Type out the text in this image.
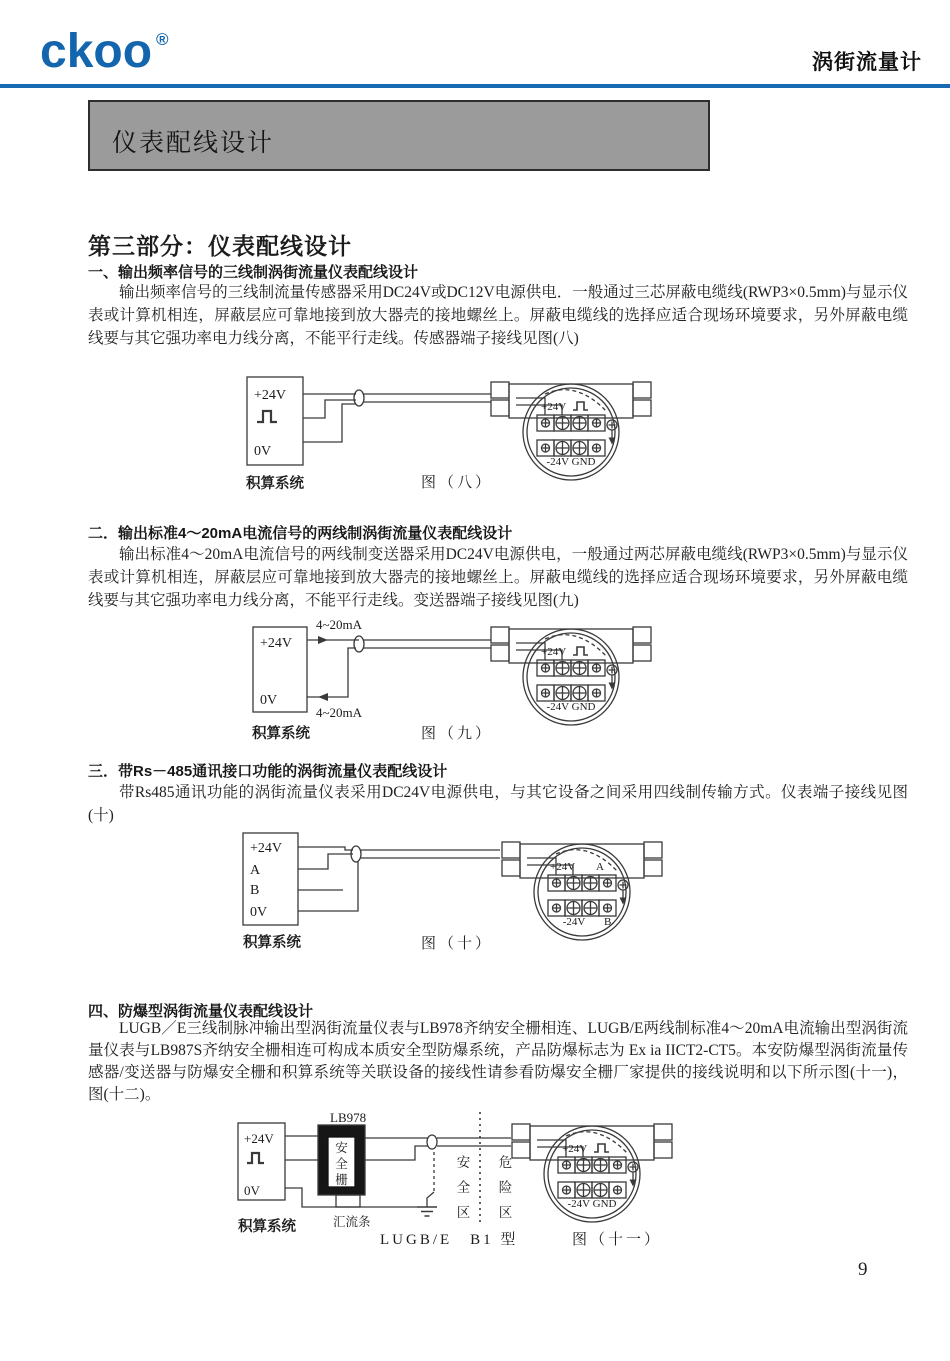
ckoo ®
涡街流量计
仪表配线设计
第三部分：仪表配线设计
一、输出频率信号的三线制涡街流量仪表配线设计
输出频率信号的三线制流量传感器采用DC24V或DC12V电源供电．一般通过三芯屏蔽电缆线(RWP3×0.5mm)与显示仪表或计算机相连，屏蔽层应可靠地接到放大器壳的接地螺丝上。屏蔽电缆线的选择应适合现场环境要求，另外屏蔽电缆线要与其它强功率电力线分离，不能平行走线。传感器端子接线见图(八)
+24V
0V
+24V
-24V GND
积算系统	图（八）
二．输出标准4～20mA电流信号的两线制涡街流量仪表配线设计
输出标准4～20mA电流信号的两线制变送器采用DC24V电源供电，一般通过两芯屏蔽电缆线(RWP3×0.5mm)与显示仪表或计算机相连，屏蔽层应可靠地接到放大器壳的接地螺丝上。屏蔽电缆线的选择应适合现场环境要求，另外屏蔽电缆线要与其它强功率电力线分离，不能平行走线。变送器端子接线见图(九)
+24V
0V
4~20mA
4~20mA
+24V
-24V GND
积算系统	图（九）
三．带Rs－485通讯接口功能的涡街流量仪表配线设计
带Rs485通讯功能的涡街流量仪表采用DC24V电源供电，与其它设备之间采用四线制传输方式。仪表端子接线见图(十)
+24V
A
B
0V
+24V A
-24V B
积算系统	图（十）
四、防爆型涡街流量仪表配线设计
LUGB／E三线制脉冲输出型涡街流量仪表与LB978齐纳安全栅相连、LUGB/E两线制标准4～20mA电流输出型涡街流量仪表与LB987S齐纳安全栅相连可构成本质安全型防爆系统，产品防爆标志为 Ex ia IICT2-CT5。本安防爆型涡街流量传感器/变送器与防爆安全栅和积算系统等关联设备的接线性请参看防爆安全栅厂家提供的接线说明和以下所示图(十一)，图(十二)。
+24V
0V
LB978
汇流条
+24V
-24V GND
积算系统
LUGB/E　B1 型	图（十一）
安全栅
安全区
危险区
9
